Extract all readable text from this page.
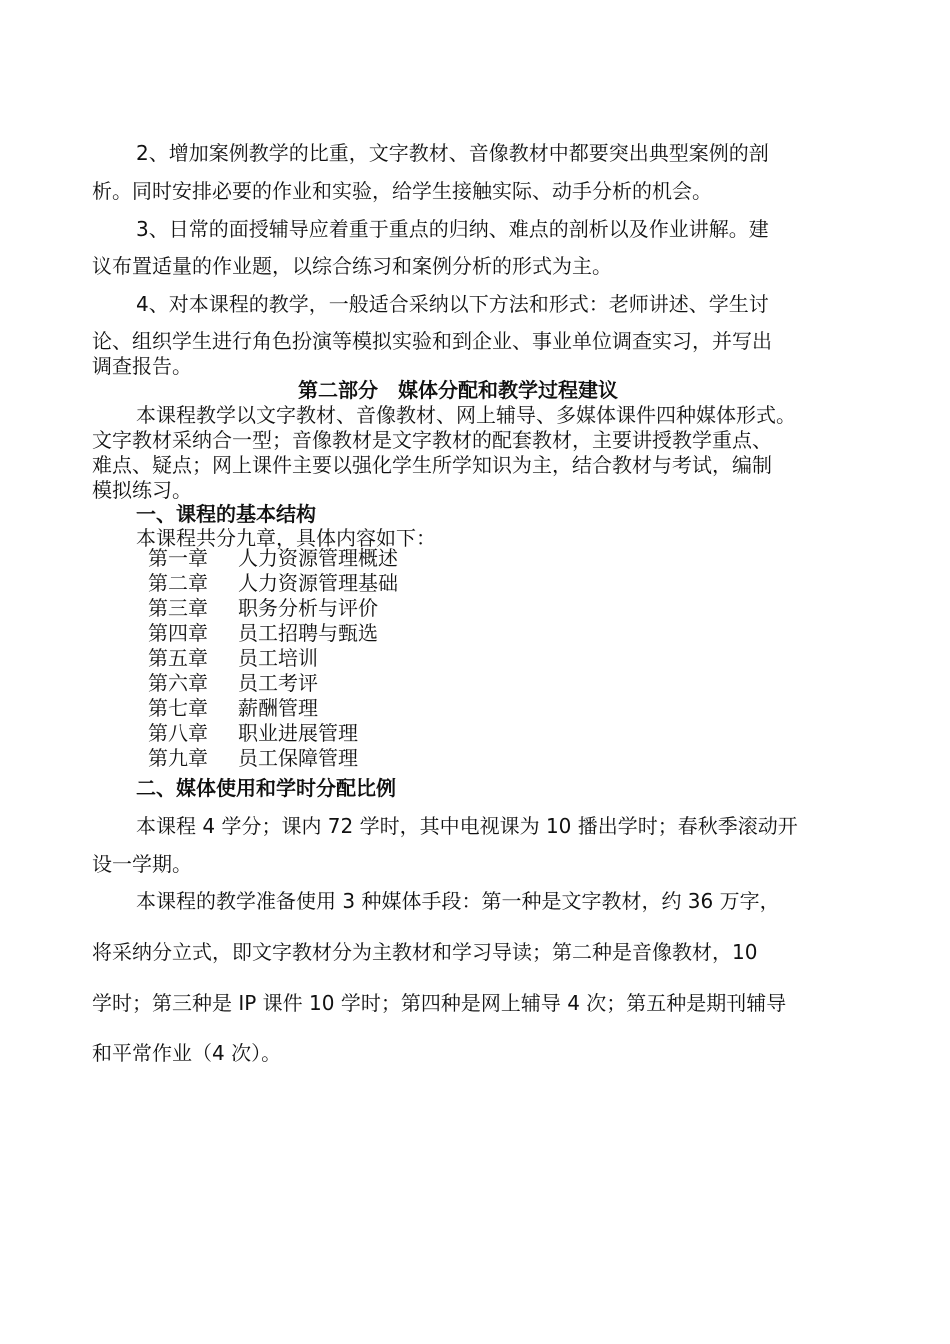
2、增加案例教学的比重，文字教材、音像教材中都要突出典型案例的剖

析。同时安排必要的作业和实验，给学生接触实际、动手分析的机会。

3、日常的面授辅导应着重于重点的归纳、难点的剖析以及作业讲解。建

议布置适量的作业题，以综合练习和案例分析的形式为主。

4、对本课程的教学，一般适合采纳以下方法和形式：老师讲述、学生讨

论、组织学生进行角色扮演等模拟实验和到企业、事业单位调查实习，并写出

调查报告。

第二部分　媒体分配和教学过程建议

本课程教学以文字教材、音像教材、网上辅导、多媒体课件四种媒体形式。

文字教材采纳合一型；音像教材是文字教材的配套教材，主要讲授教学重点、

难点、疑点；网上课件主要以强化学生所学知识为主，结合教材与考试，编制

模拟练习。

一、课程的基本结构

本课程共分九章，具体内容如下：

第一章 人力资源管理概述
第二章 人力资源管理基础
第三章 职务分析与评价
第四章 员工招聘与甄选
第五章 员工培训
第六章 员工考评
第七章 薪酬管理
第八章 职业进展管理
第九章 员工保障管理
二、媒体使用和学时分配比例

本课程 4 学分；课内 72 学时，其中电视课为 10 播出学时；春秋季滚动开

设一学期。

本课程的教学准备使用 3 种媒体手段：第一种是文字教材，约 36 万字，

将采纳分立式，即文字教材分为主教材和学习导读；第二种是音像教材，10

学时；第三种是 IP 课件 10 学时；第四种是网上辅导 4 次；第五种是期刊辅导

和平常作业（4 次）。
